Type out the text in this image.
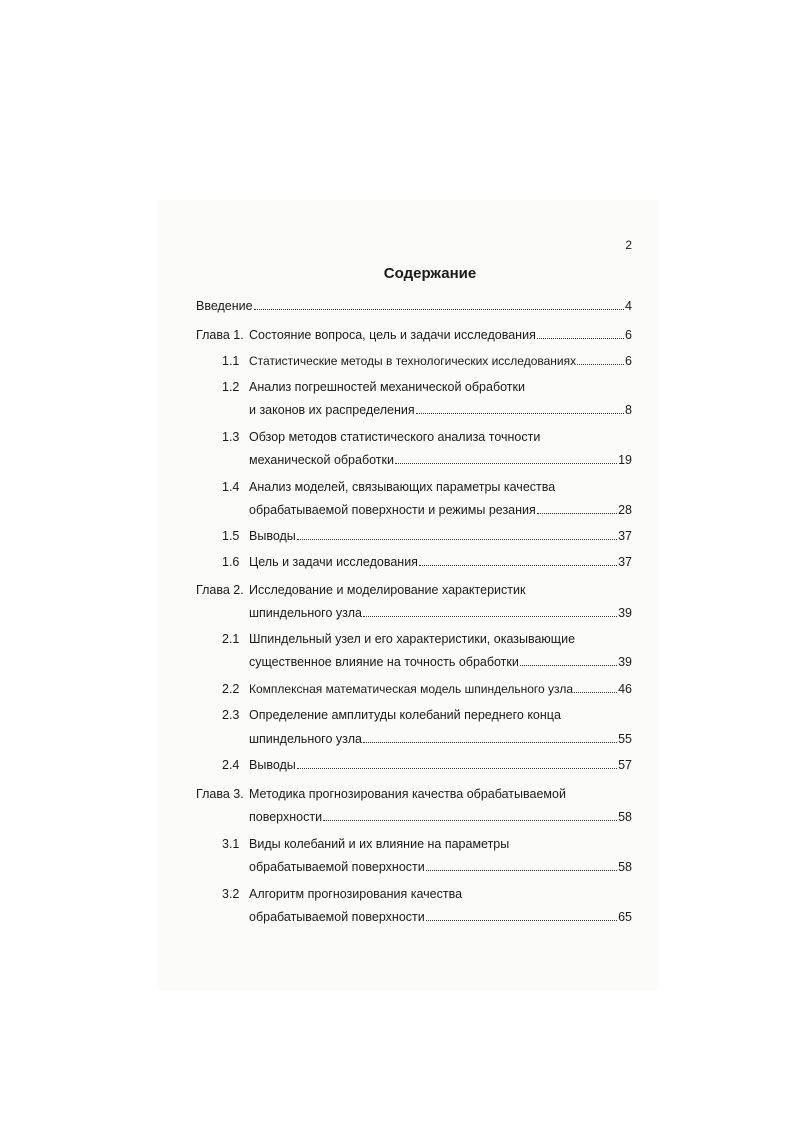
2
Содержание
Введение	4
Глава 1. Состояние вопроса, цель и задачи исследования	6
1.1 Статистические методы в технологических исследованиях	6
1.2 Анализ погрешностей механической обработки
и законов их распределения	8
1.3 Обзор методов статистического анализа точности
механической обработки	19
1.4 Анализ моделей, связывающих параметры качества
обрабатываемой поверхности и режимы резания	28
1.5 Выводы	37
1.6 Цель и задачи исследования	37
Глава 2. Исследование и моделирование характеристик
шпиндельного узла	39
2.1 Шпиндельный узел и его характеристики, оказывающие
существенное влияние на точность обработки	39
2.2 Комплексная математическая модель шпиндельного узла	46
2.3 Определение амплитуды колебаний переднего конца
шпиндельного узла	55
2.4 Выводы	57
Глава 3. Методика прогнозирования качества обрабатываемой
поверхности	58
3.1 Виды колебаний и их влияние на параметры
обрабатываемой поверхности	58
3.2 Алгоритм прогнозирования качества
обрабатываемой поверхности	65
